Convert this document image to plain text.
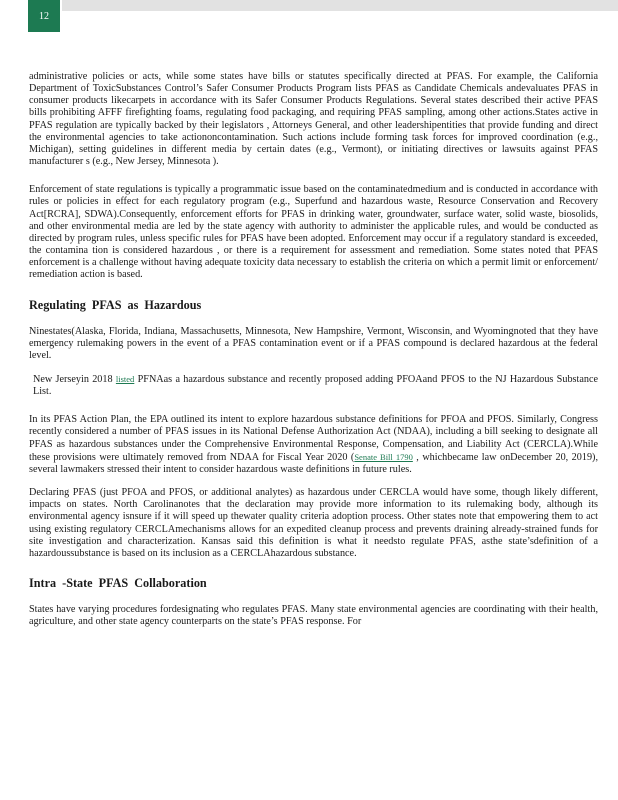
12

administrative policies or acts, while some states have bills or statutes specifically directed at PFAS. For example, the California Department of ToxicSubstances Control’s Safer Consumer Products Program lists PFAS as Candidate Chemicals andevaluates PFAS in consumer products likecarpets in accordance with its Safer Consumer Products Regulations. Several states described their active PFAS bills prohibiting AFFF firefighting foams, regulating food packaging, and requiring PFAS sampling, among other actions.States active in PFAS regulation are typically backed by their legislators , Attorneys General, and other leadershipentities that provide funding and direct the environmental agencies to take actiononcontamination. Such actions include forming task forces for improved coordination (e.g., Michigan), setting guidelines in different media by certain dates (e.g., Vermont), or initiating directives or lawsuits against PFAS manufacturer s (e.g., New Jersey, Minnesota ).

Enforcement of state regulations is typically a programmatic issue based on the contaminatedmedium and is conducted in accordance with rules or policies in effect for each regulatory program (e.g., Superfund and hazardous waste, Resource Conservation and Recovery Act[RCRA], SDWA).Consequently, enforcement efforts for PFAS in drinking water, groundwater, surface water, solid waste, biosolids, and other environmental media are led by the state agency with authority to administer the applicable rules, and would be conducted as directed by program rules, unless specific rules for PFAS have been adopted. Enforcement may occur if a regulatory standard is exceeded, the contamina tion is considered hazardous , or there is a requirement for assessment and remediation. Some states noted that PFAS enforcement is a challenge without having adequate toxicity data necessary to establish the criteria on which a permit limit or enforcement/ remediation action is based.

Regulating PFAS as Hazardous

Ninestates(Alaska, Florida, Indiana, Massachusetts, Minnesota, New Hampshire, Vermont, Wisconsin, and Wyomingnoted that they have emergency rulemaking powers in the event of a PFAS contamination event or if a PFAS compound is declared hazardous at the federal level.

New Jerseyin 2018 listed PFNAas a hazardous substance and recently proposed adding PFOAand PFOS to the NJ Hazardous Substance List.

In its PFAS Action Plan, the EPA outlined its intent to explore hazardous substance definitions for PFOA and PFOS. Similarly, Congress recently considered a number of PFAS issues in its National Defense Authorization Act (NDAA), including a bill seeking to designate all PFAS as hazardous substances under the Comprehensive Environmental Response, Compensation, and Liability Act (CERCLA).While these provisions were ultimately removed from NDAA for Fiscal Year 2020 (Senate Bill 1790 , whichbecame law onDecember 20, 2019), several lawmakers stressed their intent to consider hazardous waste definitions in future rules.

Declaring PFAS (just PFOA and PFOS, or additional analytes) as hazardous under CERCLA would have some, though likely different, impacts on states. North Carolinanotes that the declaration may provide more information to its rulemaking body, although its environmental agency isnsure if it will speed up thewater quality criteria adoption process. Other states note that empowering them to act using existing regulatory CERCLAmechanisms allows for an expedited cleanup process and prevents draining already-strained funds for site investigation and characterization. Kansas said this definition is what it needsto regulate PFAS, asthe state’sdefinition of a hazardoussubstance is based on its inclusion as a CERCLAhazardous substance.

Intra -State PFAS Collaboration

States have varying procedures fordesignating who regulates PFAS. Many state environmental agencies are coordinating with their health, agriculture, and other state agency counterparts on the state’s PFAS response. For
